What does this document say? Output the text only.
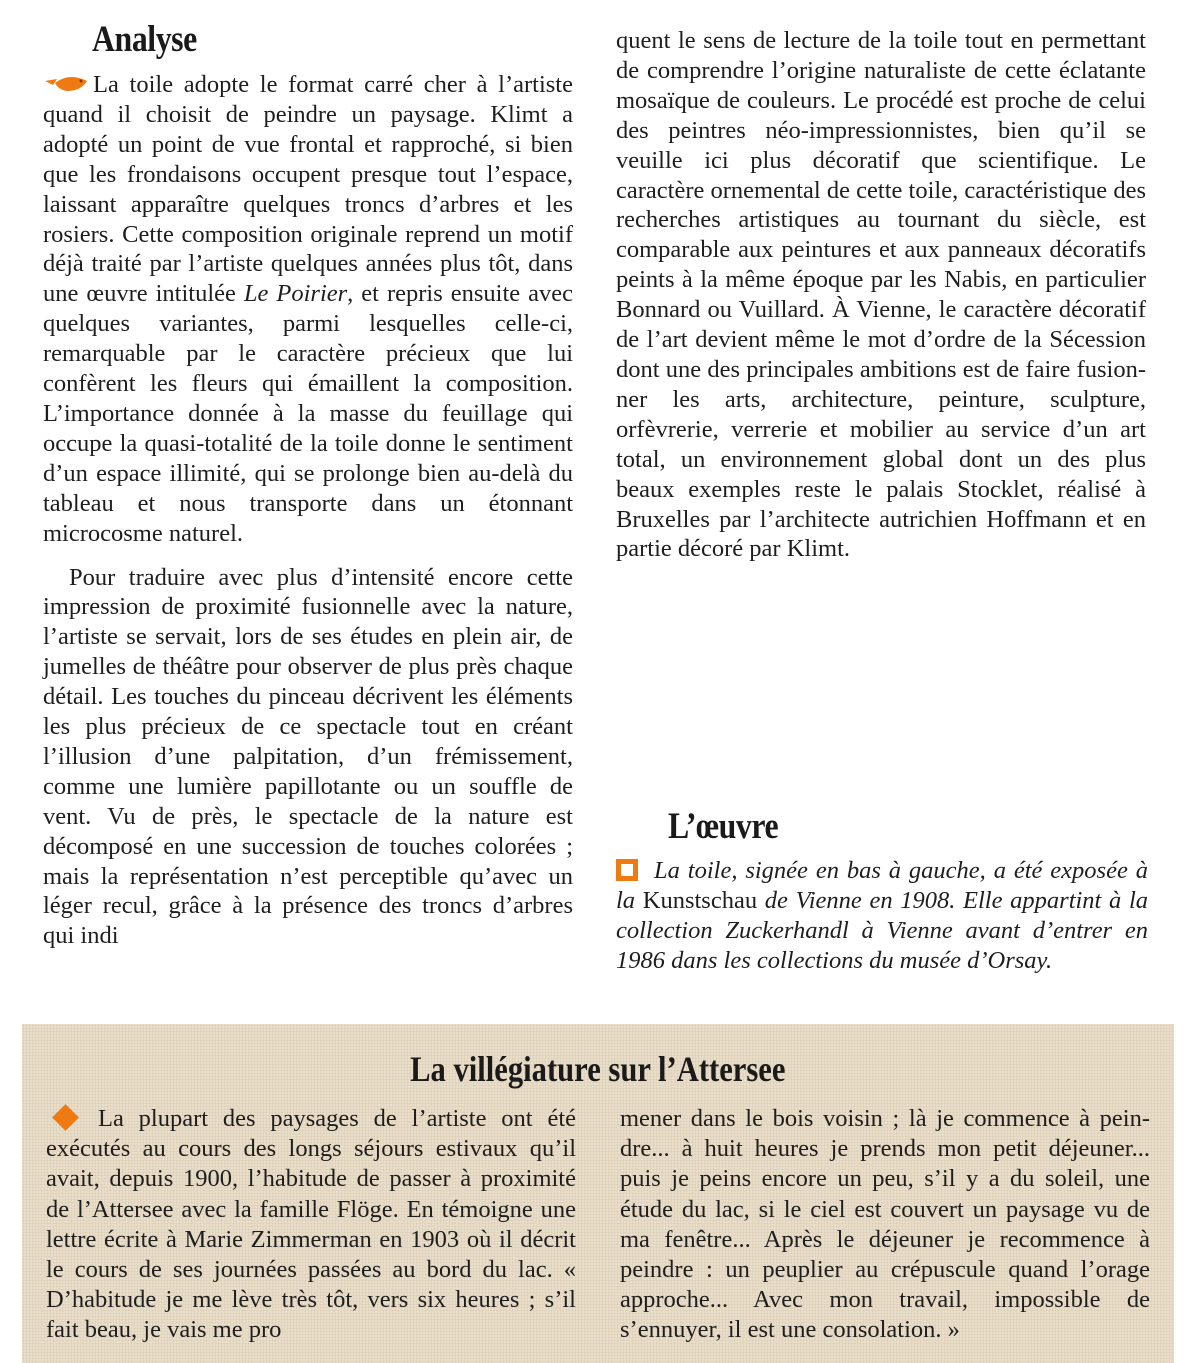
Analyse

La toile adopte le format carré cher à l’artiste quand il choisit de peindre un paysage. Klimt a adopté un point de vue frontal et rapproché, si bien que les frondaisons occupent presque tout l’espace, laissant apparaître quelques troncs d’arbres et les rosiers. Cette composition originale reprend un motif déjà traité par l’artiste quelques années plus tôt, dans une œuvre intitulée Le Poirier, et repris ensuite avec quelques variantes, parmi lesquelles celle-ci, remarquable par le caractère précieux que lui confèrent les fleurs qui émaillent la composition. L’importance donnée à la masse du feuillage qui occupe la quasi-totalité de la toile donne le sentiment d’un espace illimité, qui se prolonge bien au-delà du tableau et nous transporte dans un étonnant microcosme naturel.

Pour traduire avec plus d’intensité encore cette impression de proximité fusionnelle avec la nature, l’artiste se servait, lors de ses études en plein air, de jumelles de théâtre pour observer de plus près chaque détail. Les touches du pinceau décrivent les éléments les plus précieux de ce spectacle tout en créant l’illusion d’une palpitation, d’un frémissement, comme une lumière papillotante ou un souffle de vent. Vu de près, le spectacle de la nature est décomposé en une succession de touches colorées ; mais la représentation n’est perceptible qu’avec un léger recul, grâce à la présence des troncs d’arbres qui indi

quent le sens de lecture de la toile tout en permettant de comprendre l’origine naturaliste de cette éclatante mosaïque de couleurs. Le procédé est proche de celui des peintres néo-impressionnistes, bien qu’il se veuille ici plus décoratif que scientifique. Le caractère ornemental de cette toile, caractéristique des recherches artistiques au tournant du siècle, est comparable aux peintures et aux panneaux décoratifs peints à la même époque par les Nabis, en particulier Bonnard ou Vuillard. À Vienne, le caractère décoratif de l’art devient même le mot d’ordre de la Sécession dont une des principales ambitions est de faire fusionner les arts, architecture, peinture, sculpture, orfèvrerie, verrerie et mobilier au service d’un art total, un environnement global dont un des plus beaux exemples reste le palais Stocklet, réalisé à Bruxelles par l’architecte autrichien Hoffmann et en partie décoré par Klimt.

L’œuvre

La toile, signée en bas à gauche, a été exposée à la Kunstschau de Vienne en 1908. Elle appartint à la collection Zuckerhandl à Vienne avant d’entrer en 1986 dans les collections du musée d’Orsay.

La villégiature sur l’Attersee

La plupart des paysages de l’artiste ont été exécutés au cours des longs séjours estivaux qu’il avait, depuis 1900, l’habitude de passer à proximité de l’Attersee avec la famille Flöge. En témoigne une lettre écrite à Marie Zimmerman en 1903 où il décrit le cours de ses journées passées au bord du lac. « D’habitude je me lève très tôt, vers six heures ; s’il fait beau, je vais me pro

mener dans le bois voisin ; là je commence à peindre... à huit heures je prends mon petit déjeuner... puis je peins encore un peu, s’il y a du soleil, une étude du lac, si le ciel est couvert un paysage vu de ma fenêtre... Après le déjeuner je recommence à peindre : un peuplier au crépuscule quand l’orage approche... Avec mon travail, impossible de s’ennuyer, il est une consolation. »
